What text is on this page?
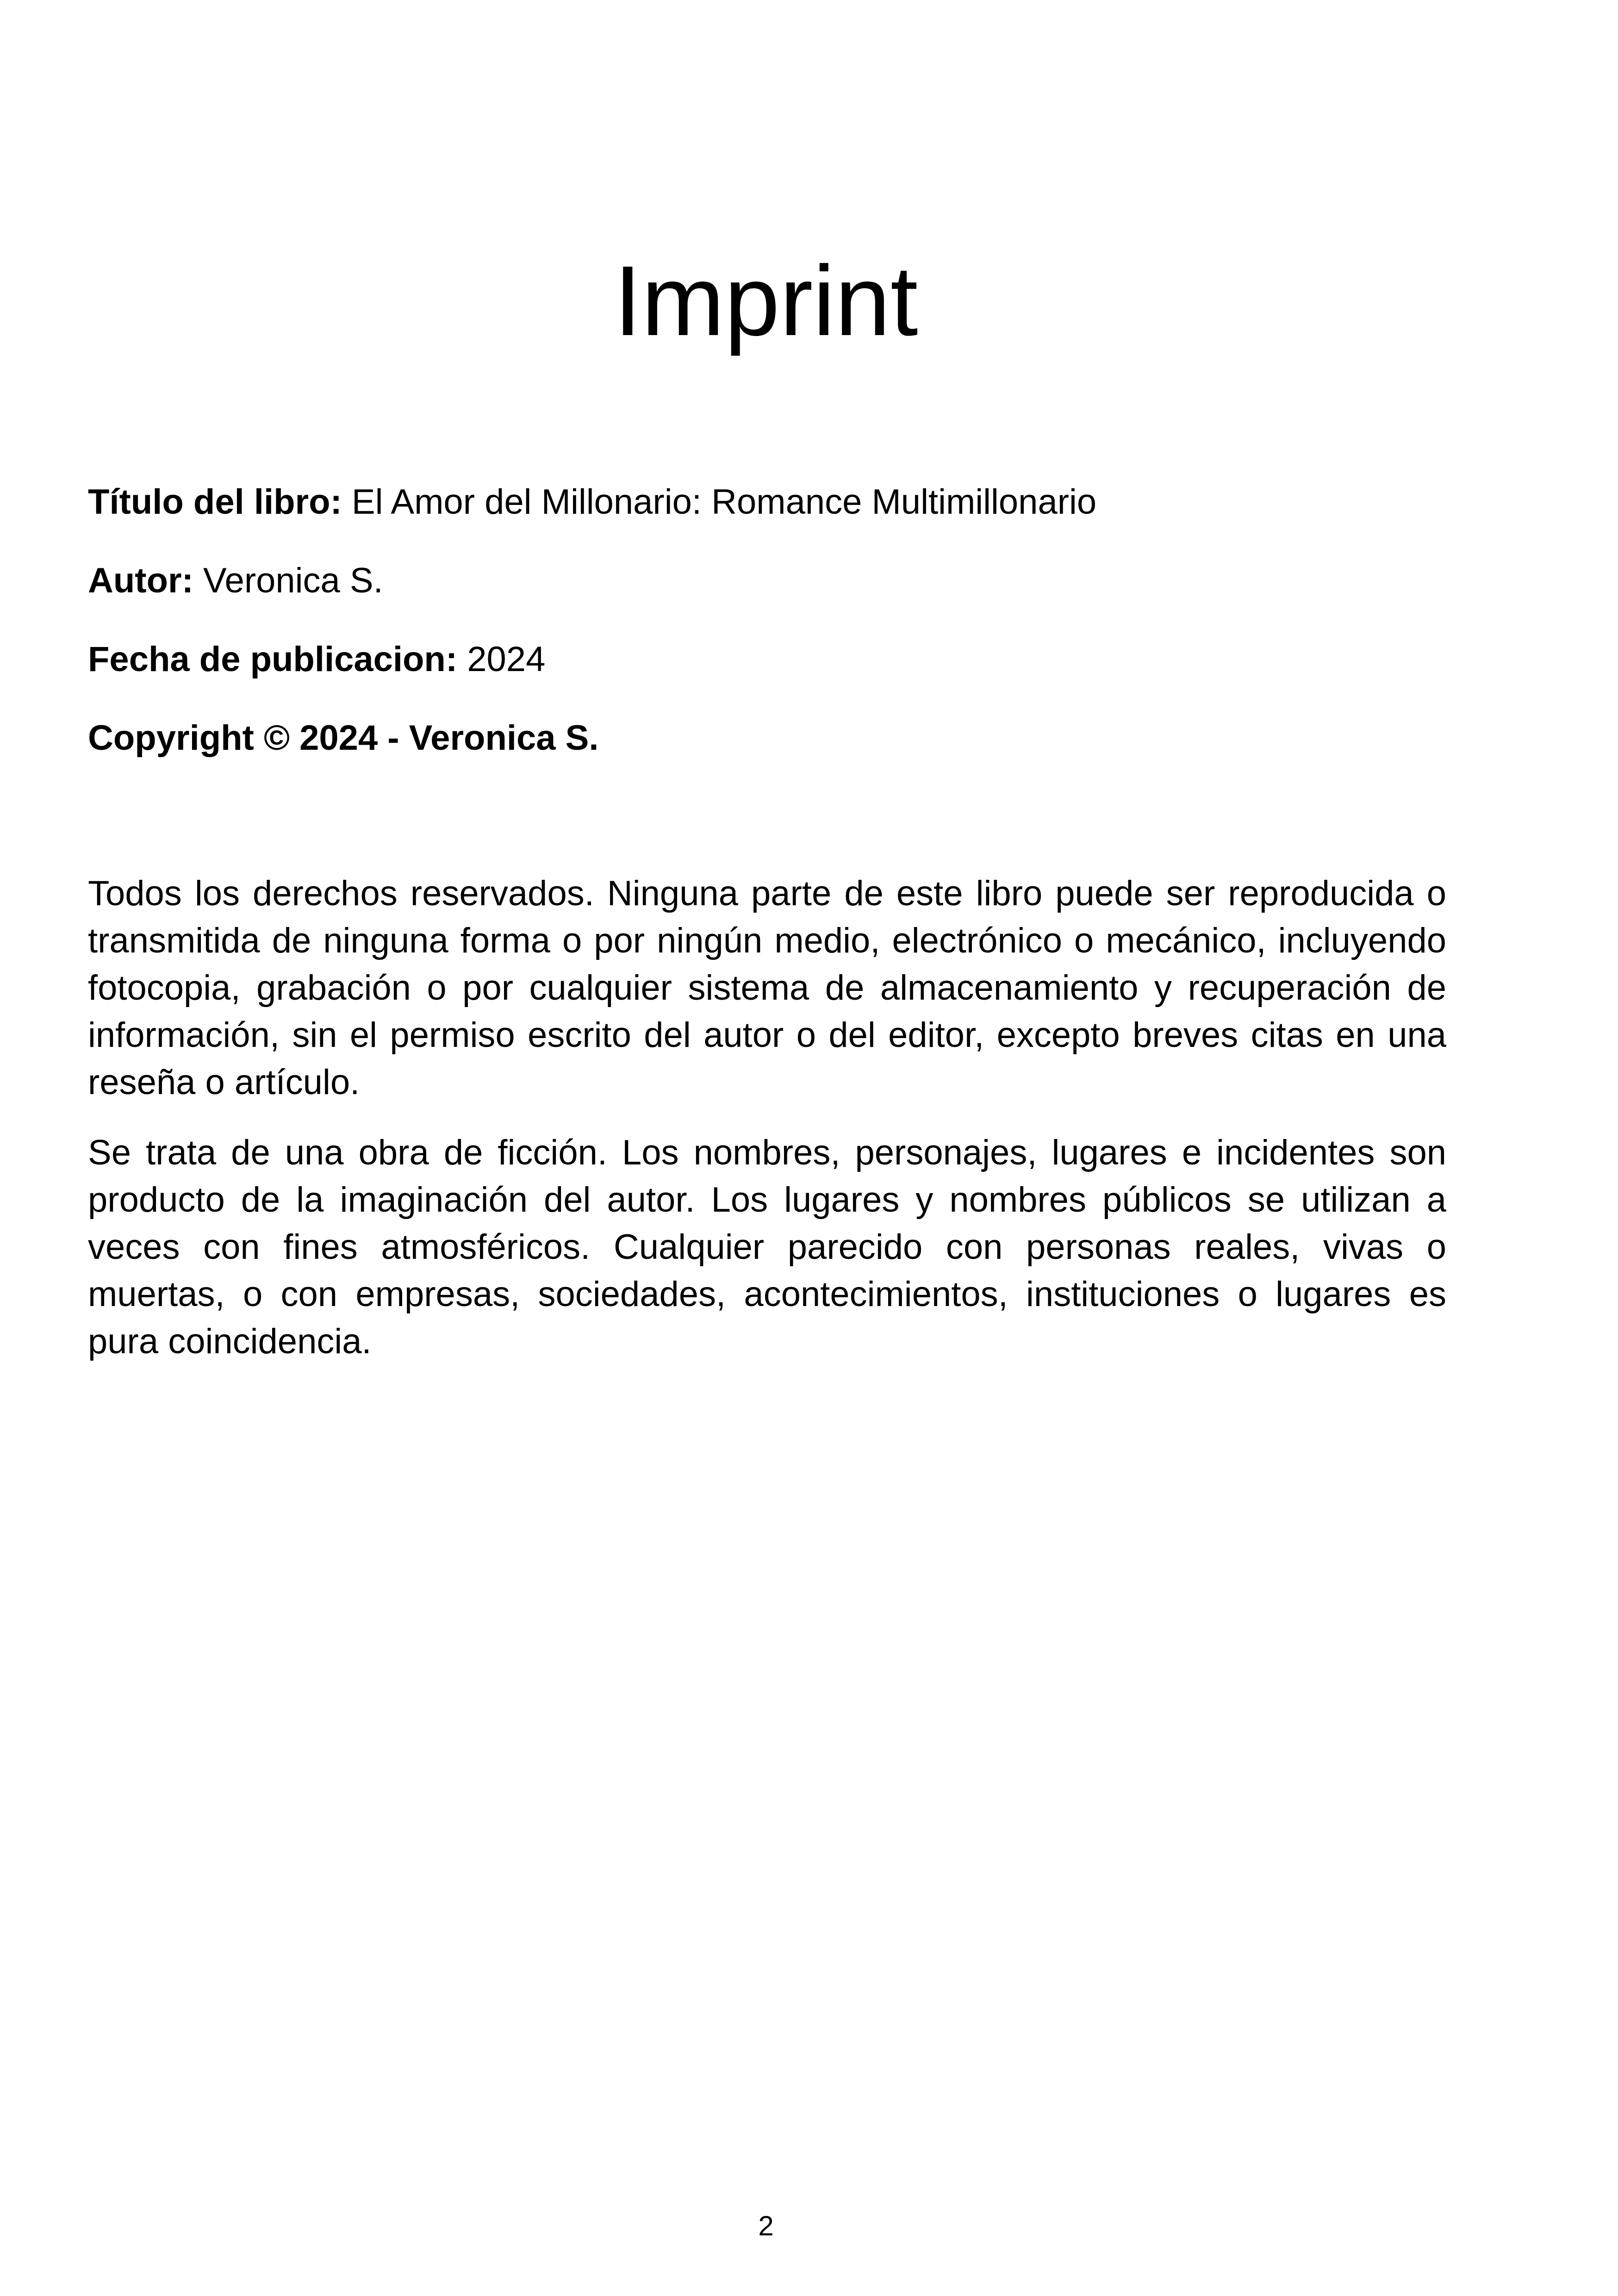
Imprint

Título del libro: El Amor del Millonario: Romance Multimillonario

Autor: Veronica S.

Fecha de publicacion: 2024

Copyright © 2024 - Veronica S.

Todos los derechos reservados. Ninguna parte de este libro puede ser reproducida o transmitida de ninguna forma o por ningún medio, electrónico o mecánico, incluyendo fotocopia, grabación o por cualquier sistema de almacenamiento y recuperación de información, sin el permiso escrito del autor o del editor, excepto breves citas en una reseña o artículo.

Se trata de una obra de ficción. Los nombres, personajes, lugares e incidentes son producto de la imaginación del autor. Los lugares y nombres públicos se utilizan a veces con fines atmosféricos. Cualquier parecido con personas reales, vivas o muertas, o con empresas, sociedades, acontecimientos, instituciones o lugares es pura coincidencia.

2
